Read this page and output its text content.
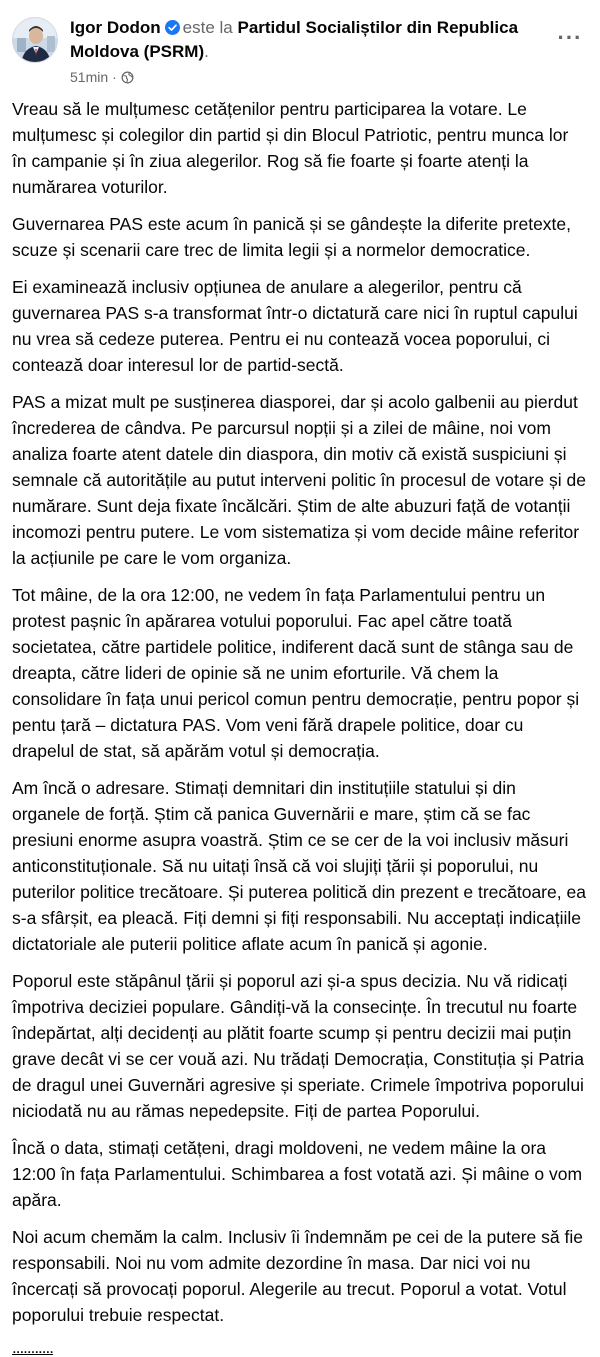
Igor Dodon este la Partidul Socialiștilor din Republica Moldova (PSRM).
51min ·
···

Vreau să le mulțumesc cetățenilor pentru participarea la votare. Le mulțumesc și colegilor din partid și din Blocul Patriotic, pentru munca lor în campanie și în ziua alegerilor. Rog să fie foarte și foarte atenți la numărarea voturilor.

Guvernarea PAS este acum în panică și se gândește la diferite pretexte, scuze și scenarii care trec de limita legii și a normelor democratice.

Ei examinează inclusiv opțiunea de anulare a alegerilor, pentru că guvernarea PAS s-a transformat într-o dictatură care nici în ruptul capului nu vrea să cedeze puterea. Pentru ei nu contează vocea poporului, ci contează doar interesul lor de partid-sectă.

PAS a mizat mult pe susținerea diasporei, dar și acolo galbenii au pierdut încrederea de cândva. Pe parcursul nopții și a zilei de mâine, noi vom analiza foarte atent datele din diaspora, din motiv că există suspiciuni și semnale că autoritățile au putut interveni politic în procesul de votare și de numărare. Sunt deja fixate încălcări. Știm de alte abuzuri față de votanții incomozi pentru putere. Le vom sistematiza și vom decide mâine referitor la acțiunile pe care le vom organiza.

Tot mâine, de la ora 12:00, ne vedem în fața Parlamentului pentru un protest pașnic în apărarea votului poporului. Fac apel către toată societatea, către partidele politice, indiferent dacă sunt de stânga sau de dreapta, către lideri de opinie să ne unim eforturile. Vă chem la consolidare în fața unui pericol comun pentru democrație, pentru popor și pentu țară – dictatura PAS. Vom veni fără drapele politice, doar cu drapelul de stat, să apărăm votul și democrația.

Am încă o adresare. Stimați demnitari din instituțiile statului și din organele de forță. Știm că panica Guvernării e mare, știm că se fac presiuni enorme asupra voastră. Știm ce se cer de la voi inclusiv măsuri anticonstituționale. Să nu uitați însă că voi slujiți țării și poporului, nu puterilor politice trecătoare. Și puterea politică din prezent e trecătoare, ea s-a sfârșit, ea pleacă. Fiți demni și fiți responsabili. Nu acceptați indicațiile dictatoriale ale puterii politice aflate acum în panică și agonie.

Poporul este stăpânul țării și poporul azi și-a spus decizia. Nu vă ridicați împotriva deciziei populare. Gândiți-vă la consecințe. În trecutul nu foarte îndepărtat, alți decidenți au plătit foarte scump și pentru decizii mai puțin grave decât vi se cer vouă azi. Nu trădați Democrația, Constituția și Patria de dragul unei Guvernări agresive și speriate. Crimele împotriva poporului niciodată nu au rămas nepedepsite. Fiți de partea Poporului.

Încă o data, stimați cetățeni, dragi moldoveni, ne vedem mâine la ora 12:00 în fața Parlamentului. Schimbarea a fost votată azi. Și mâine o vom apăra.

Noi acum chemăm la calm. Inclusiv îi îndemnăm pe cei de la putere să fie responsabili. Noi nu vom admite dezordine în masa. Dar nici voi nu încercați să provocați poporul. Alegerile au trecut. Poporul a votat. Votul poporului trebuie respectat.

...........
